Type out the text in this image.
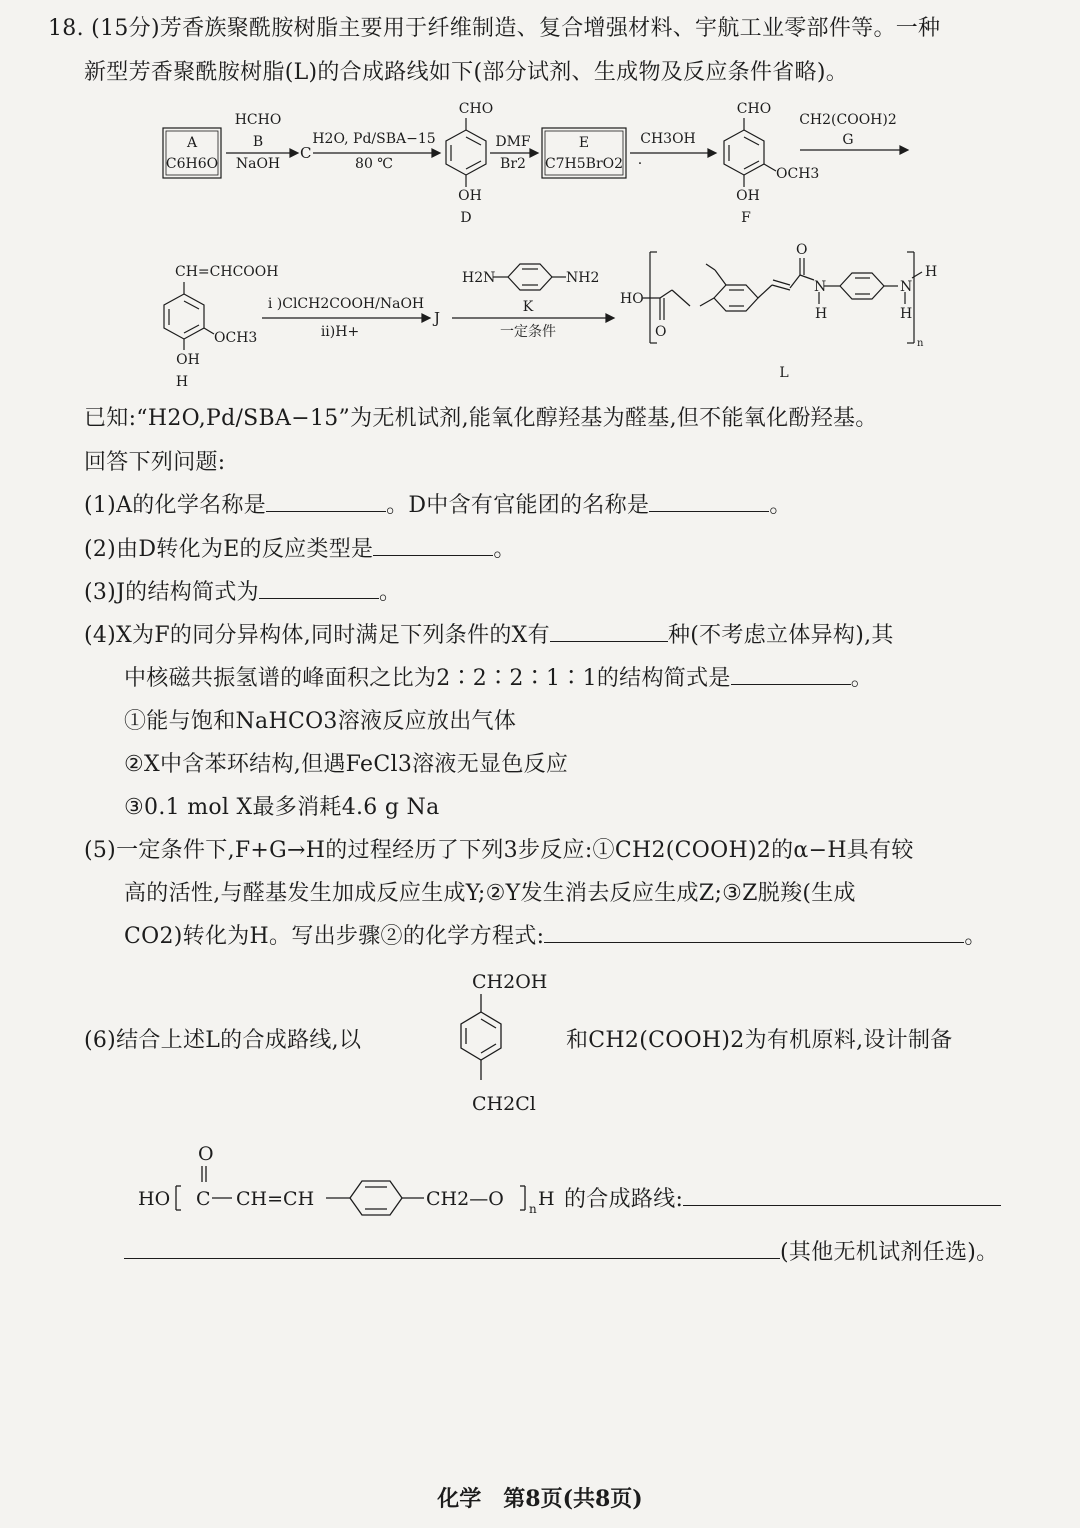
18. (15分)芳香族聚酰胺树脂主要用于纤维制造、复合增强材料、宇航工业零部件等。一种
新型芳香聚酰胺树脂(L)的合成路线如下(部分试剂、生成物及反应条件省略)。
A
C6H6O
HCHO
B
NaOH
C
H2O, Pd/SBA−15
80 ℃
CHO
OH
D
DMF
Br2
E
C7H5BrO2
CH3OH
.
CHO
OCH3
OH
F
CH2(COOH)2
G
CH=CHCOOH
OCH3
OH
H
i )ClCH2COOH/NaOH
ii)H+
J
H2N	NH2
K
一定条件
HO
O
O
N	N
H	H
H
n
L
已知:“H2O,Pd/SBA−15”为无机试剂,能氧化醇羟基为醛基,但不能氧化酚羟基。
回答下列问题:
(1)A的化学名称是	。D中含有官能团的名称是	。
(2)由D转化为E的反应类型是	。
(3)J的结构简式为	。
(4)X为F的同分异构体,同时满足下列条件的X有	种(不考虑立体异构),其
中核磁共振氢谱的峰面积之比为2∶2∶2∶1∶1的结构简式是	。
①能与饱和NaHCO3溶液反应放出气体
②X中含苯环结构,但遇FeCl3溶液无显色反应
③0.1 mol X最多消耗4.6 g Na
(5)一定条件下,F+G→H的过程经历了下列3步反应:①CH2(COOH)2的α−H具有较
高的活性,与醛基发生加成反应生成Y;②Y发生消去反应生成Z;③Z脱羧(生成
CO2)转化为H。写出步骤②的化学方程式:	。
(6)结合上述L的合成路线,以	和CH2(COOH)2为有机原料,设计制备
CH2OH
CH2Cl
O
HO C CH=CH	CH2—O n H 的合成路线:
(其他无机试剂任选)。
化学　第8页(共8页)
